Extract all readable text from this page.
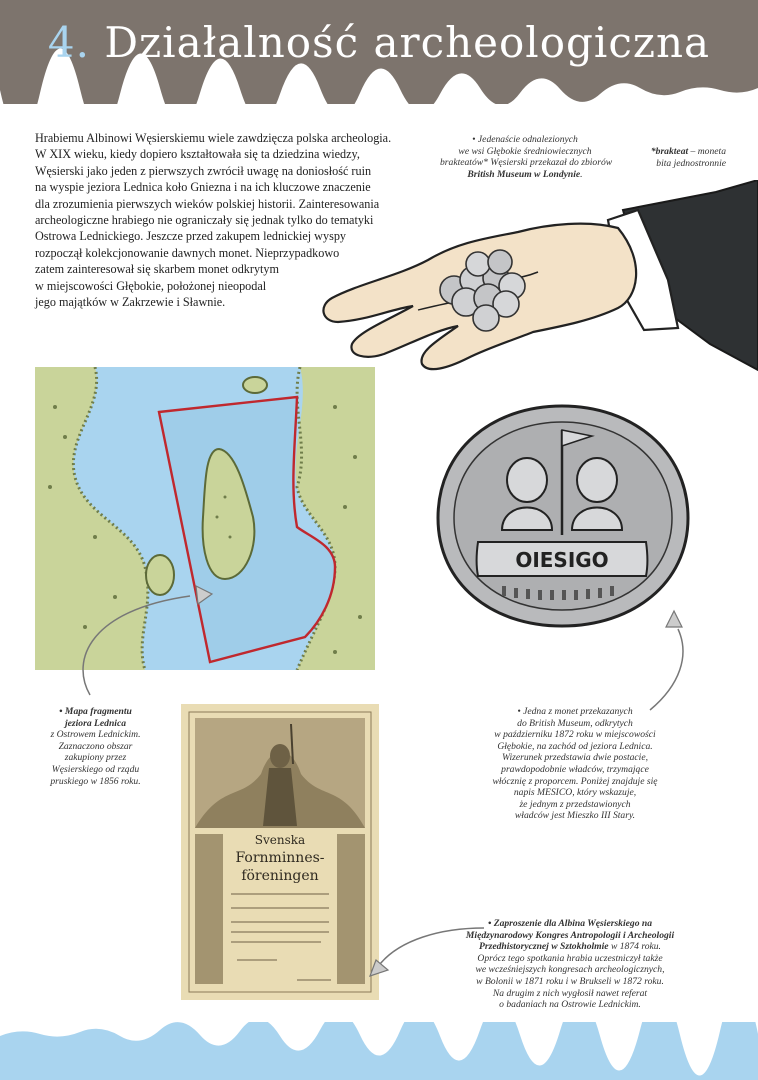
4. Działalność archeologiczna
Hrabiemu Albinowi Węsierskiemu wiele zawdzięcza polska archeologia.
W XIX wieku, kiedy dopiero kształtowała się ta dziedzina wiedzy,
Węsierski jako jeden z pierwszych zwrócił uwagę na doniosłość ruin
na wyspie jeziora Lednica koło Gniezna i na ich kluczowe znaczenie
dla zrozumienia pierwszych wieków polskiej historii. Zainteresowania
archeologiczne hrabiego nie ograniczały się jednak tylko do tematyki
Ostrowa Lednickiego. Jeszcze przed zakupem lednickiej wyspy
rozpoczął kolekcjonowanie dawnych monet. Nieprzypadkowo
zatem zainteresował się skarbem monet odkrytym
w miejscowości Głębokie, położonej nieopodal
jego majątków w Zakrzewie i Sławnie.
• Jedenaście odnalezionych
we wsi Głębokie średniowiecznych
brakteatów* Węsierski przekazał do zbiorów
British Museum w Londynie.
*brakteat – moneta
bita jednostronnie
• Mapa fragmentu
jeziora Lednica
z Ostrowem Lednickim.
Zaznaczono obszar
zakupiony przez
Węsierskiego od rządu
pruskiego w 1856 roku.
OIESIGO
• Jedna z monet przekazanych
do British Museum, odkrytych
w październiku 1872 roku w miejscowości
Głębokie, na zachód od jeziora Lednica.
Wizerunek przedstawia dwie postacie,
prawdopodobnie władców, trzymające
włócznię z proporcem. Poniżej znajduje się
napis MESICO, który wskazuje,
że jednym z przedstawionych
władców jest Mieszko III Stary.
Svenska
Fornminnes-
föreningen
• Zaproszenie dla Albina Węsierskiego na
Międzynarodowy Kongres Antropologii i Archeologii
Przedhistorycznej w Sztokholmie w 1874 roku.
Oprócz tego spotkania hrabia uczestniczył także
we wcześniejszych kongresach archeologicznych,
w Bolonii w 1871 roku i w Brukseli w 1872 roku.
Na drugim z nich wygłosił nawet referat
o badaniach na Ostrowie Lednickim.
